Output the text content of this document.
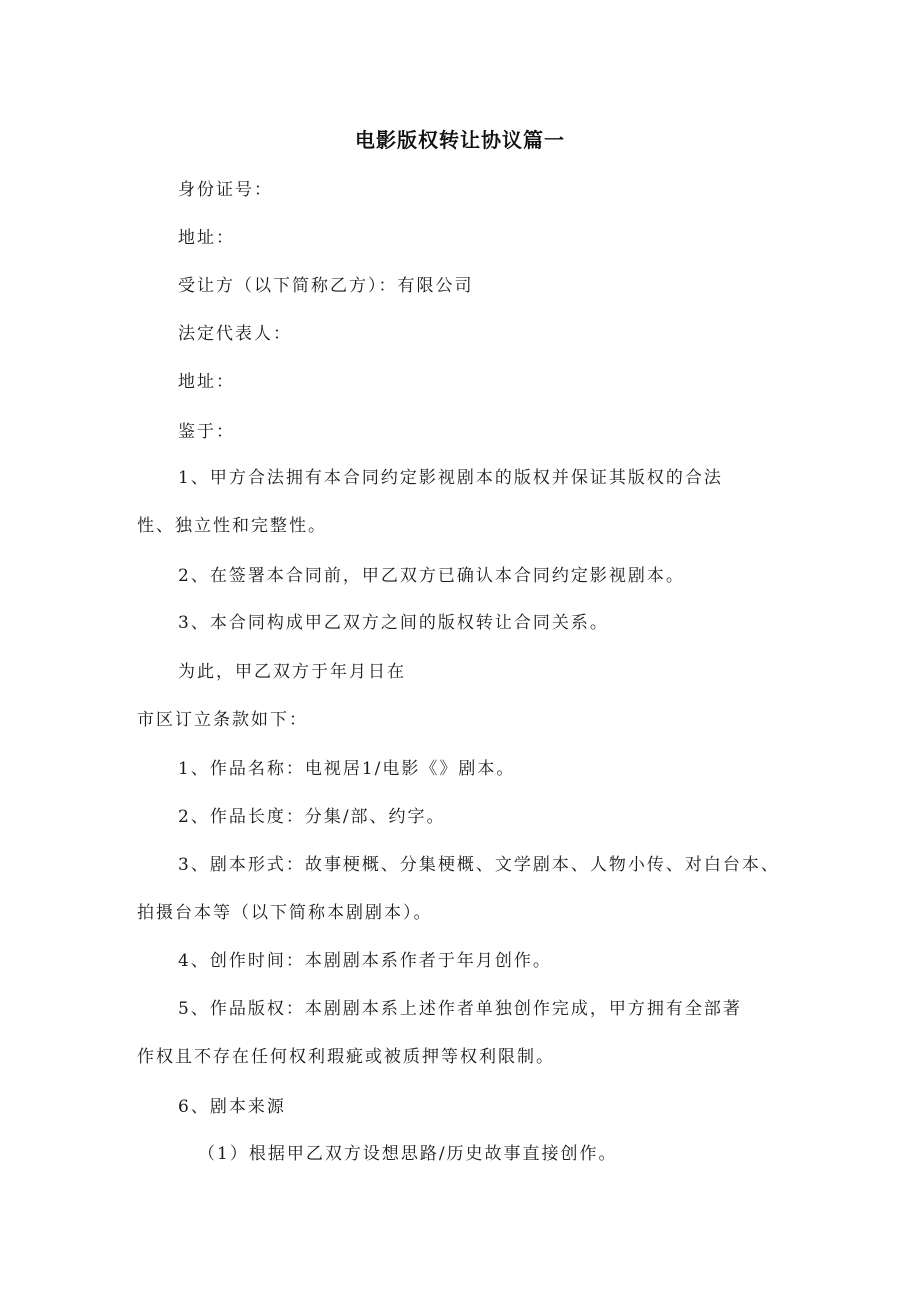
电影版权转让协议篇一
身份证号：
地址：
受让方（以下简称乙方）：有限公司
法定代表人：
地址：
鉴于：
1、甲方合法拥有本合同约定影视剧本的版权并保证其版权的合法
性、独立性和完整性。
2、在签署本合同前，甲乙双方已确认本合同约定影视剧本。
3、本合同构成甲乙双方之间的版权转让合同关系。
为此，甲乙双方于年月日在
市区订立条款如下：
1、作品名称：电视居1/电影《》剧本。
2、作品长度：分集/部、约字。
3、剧本形式：故事梗概、分集梗概、文学剧本、人物小传、对白台本、
拍摄台本等（以下简称本剧剧本）。
4、创作时间：本剧剧本系作者于年月创作。
5、作品版权：本剧剧本系上述作者单独创作完成，甲方拥有全部著
作权且不存在任何权利瑕疵或被质押等权利限制。
6、剧本来源
（1）根据甲乙双方设想思路/历史故事直接创作。
